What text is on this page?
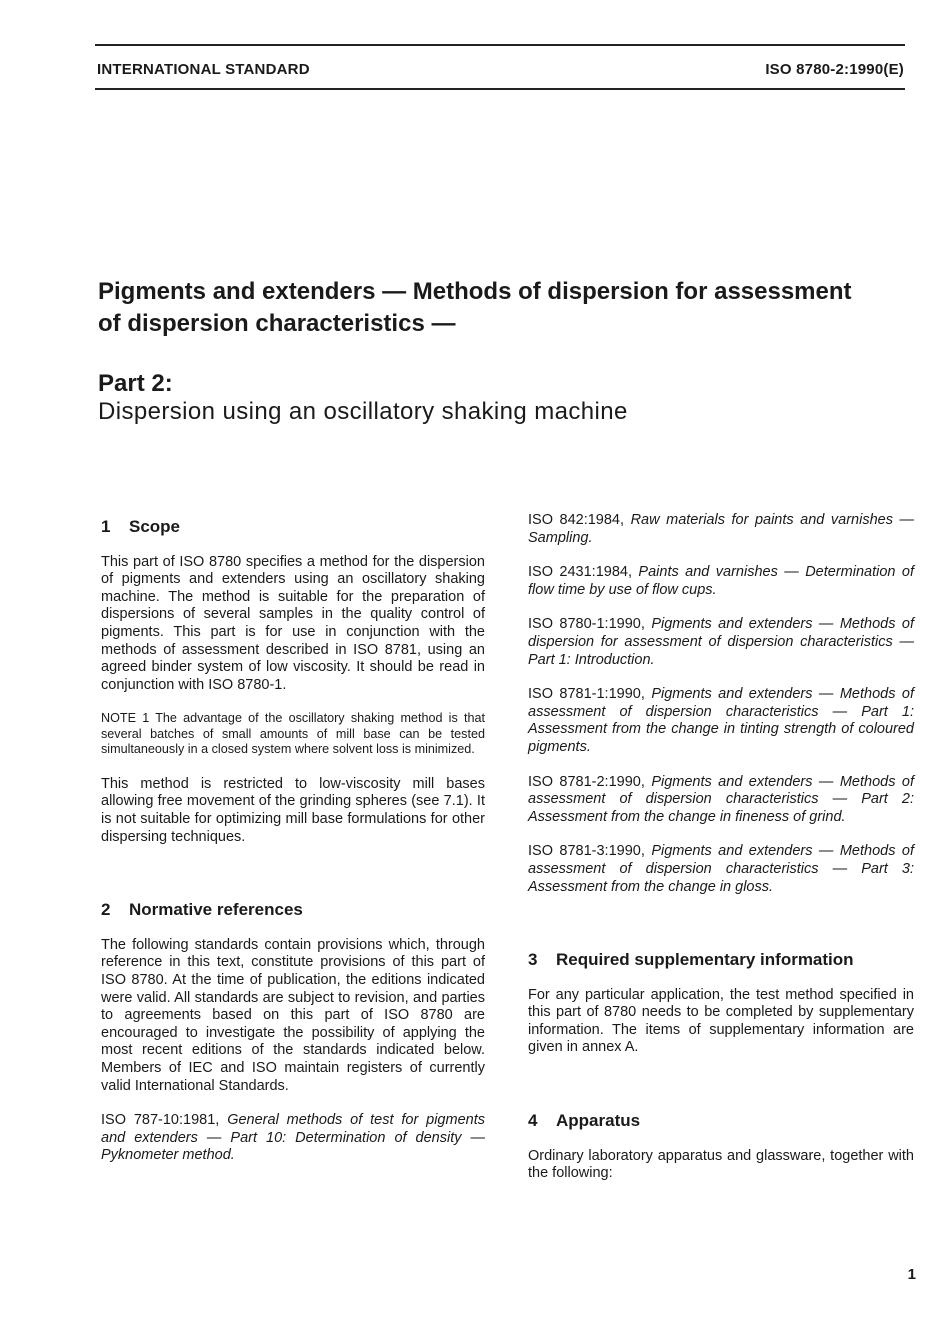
INTERNATIONAL STANDARD	ISO 8780-2:1990(E)
Pigments and extenders — Methods of dispersion for assessment of dispersion characteristics —
Part 2:
Dispersion using an oscillatory shaking machine
1 Scope

This part of ISO 8780 specifies a method for the dispersion of pigments and extenders using an oscillatory shaking machine. The method is suitable for the preparation of dispersions of several samples in the quality control of pigments. This part is for use in conjunction with the methods of assessment described in ISO 8781, using an agreed binder system of low viscosity. It should be read in conjunction with ISO 8780-1.

NOTE 1 The advantage of the oscillatory shaking method is that several batches of small amounts of mill base can be tested simultaneously in a closed system where solvent loss is minimized.

This method is restricted to low-viscosity mill bases allowing free movement of the grinding spheres (see 7.1). It is not suitable for optimizing mill base formulations for other dispersing techniques.

2 Normative references

The following standards contain provisions which, through reference in this text, constitute provisions of this part of ISO 8780. At the time of publication, the editions indicated were valid. All standards are subject to revision, and parties to agreements based on this part of ISO 8780 are encouraged to investigate the possibility of applying the most recent editions of the standards indicated below. Members of IEC and ISO maintain registers of currently valid International Standards.

ISO 787-10:1981, General methods of test for pigments and extenders — Part 10: Determination of density — Pyknometer method.
ISO 842:1984, Raw materials for paints and varnishes — Sampling.
ISO 2431:1984, Paints and varnishes — Determination of flow time by use of flow cups.
ISO 8780-1:1990, Pigments and extenders — Methods of dispersion for assessment of dispersion characteristics — Part 1: Introduction.
ISO 8781-1:1990, Pigments and extenders — Methods of assessment of dispersion characteristics — Part 1: Assessment from the change in tinting strength of coloured pigments.
ISO 8781-2:1990, Pigments and extenders — Methods of assessment of dispersion characteristics — Part 2: Assessment from the change in fineness of grind.
ISO 8781-3:1990, Pigments and extenders — Methods of assessment of dispersion characteristics — Part 3: Assessment from the change in gloss.
3 Required supplementary information

For any particular application, the test method specified in this part of 8780 needs to be completed by supplementary information. The items of supplementary information are given in annex A.

4 Apparatus

Ordinary laboratory apparatus and glassware, together with the following:

1
